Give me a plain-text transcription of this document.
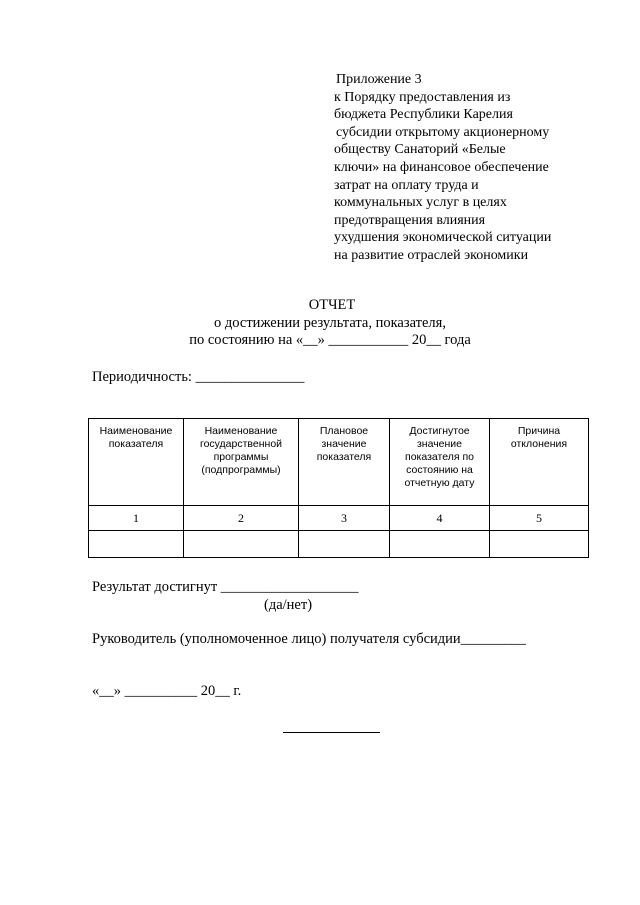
Приложение 3
к Порядку предоставления из
бюджета Республики Карелия
субсидии открытому акционерному
обществу Санаторий «Белые
ключи» на финансовое обеспечение
затрат на оплату труда и
коммунальных услуг в целях
предотвращения влияния
ухудшения экономической ситуации
на развитие отраслей экономики
ОТЧЕТ
о достижении результата, показателя,
по состоянию на «__» ___________ 20__ года
Периодичность: _______________
Наименование показателя	Наименование государственной программы (подпрограммы)	Плановое значение показателя	Достигнутое значение показателя по состоянию на отчетную дату	Причина отклонения
1	2	3	4	5

Результат достигнут ___________________
(да/нет)
Руководитель (уполномоченное лицо) получателя субсидии_________
«__» __________ 20__ г.
